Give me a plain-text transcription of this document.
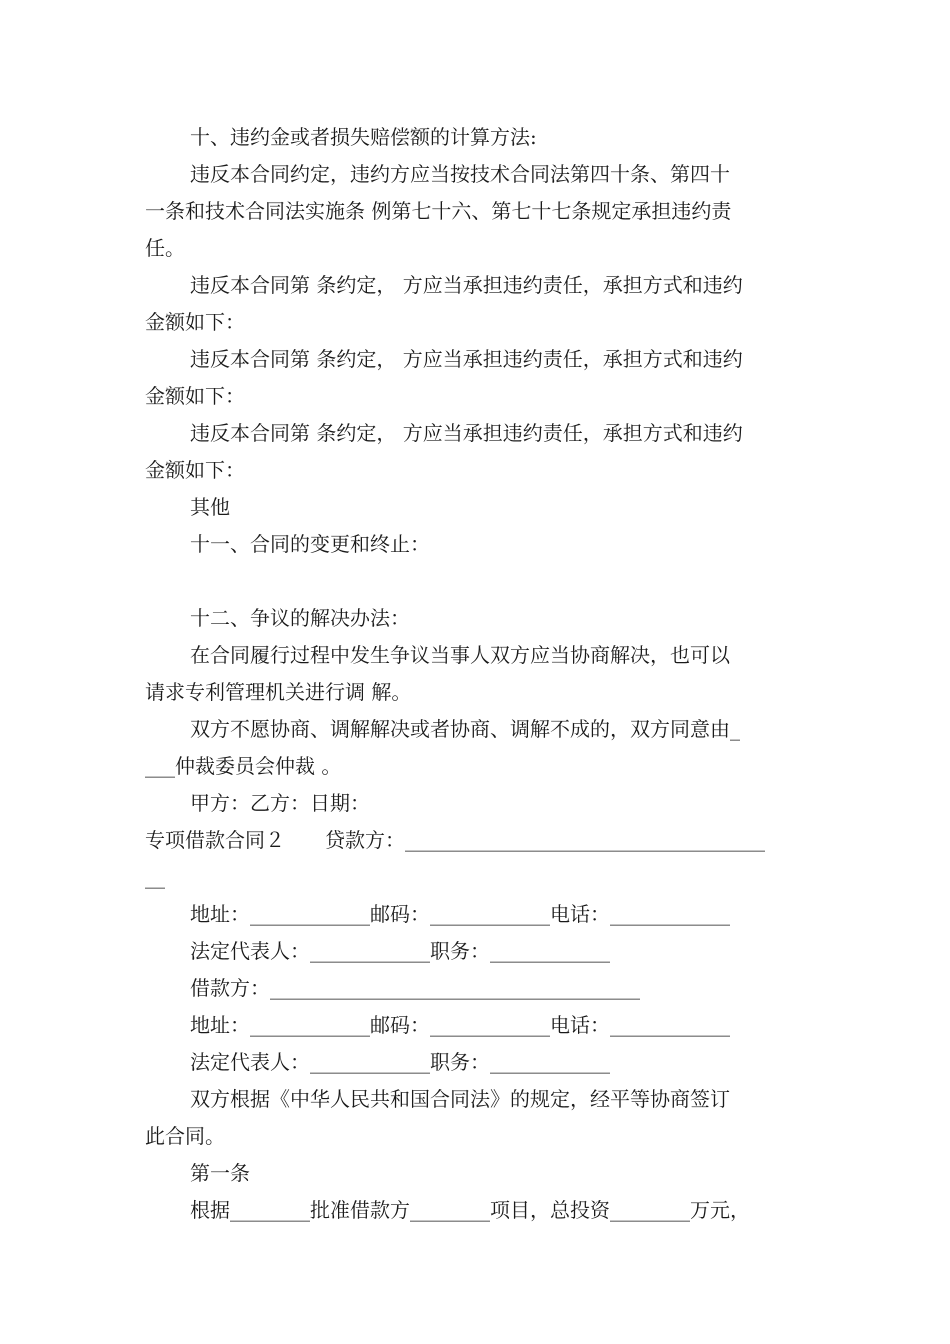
十、违约金或者损失赔偿额的计算方法:
违反本合同约定，违约方应当按技术合同法第四十条、第四十
一条和技术合同法实施条 例第七十六、第七十七条规定承担违约责
任。
违反本合同第 条约定， 方应当承担违约责任，承担方式和违约
金额如下：
违反本合同第 条约定， 方应当承担违约责任，承担方式和违约
金额如下：
违反本合同第 条约定， 方应当承担违约责任，承担方式和违约
金额如下：
其他
十一、合同的变更和终止：
十二、争议的解决办法：
在合同履行过程中发生争议当事人双方应当协商解决，也可以
请求专利管理机关进行调 解。
双方不愿协商、调解解决或者协商、调解不成的，双方同意由_
___仲裁委员会仲裁 。
甲方：乙方：日期：
专项借款合同２　　贷款方：____________________________________
__
地址：____________邮码：____________电话：____________
法定代表人：____________职务：____________
借款方：_____________________________________
地址：____________邮码：____________电话：____________
法定代表人：____________职务：____________
双方根据《中华人民共和国合同法》的规定，经平等协商签订
此合同。
第一条
根据________批准借款方________项目，总投资________万元，
